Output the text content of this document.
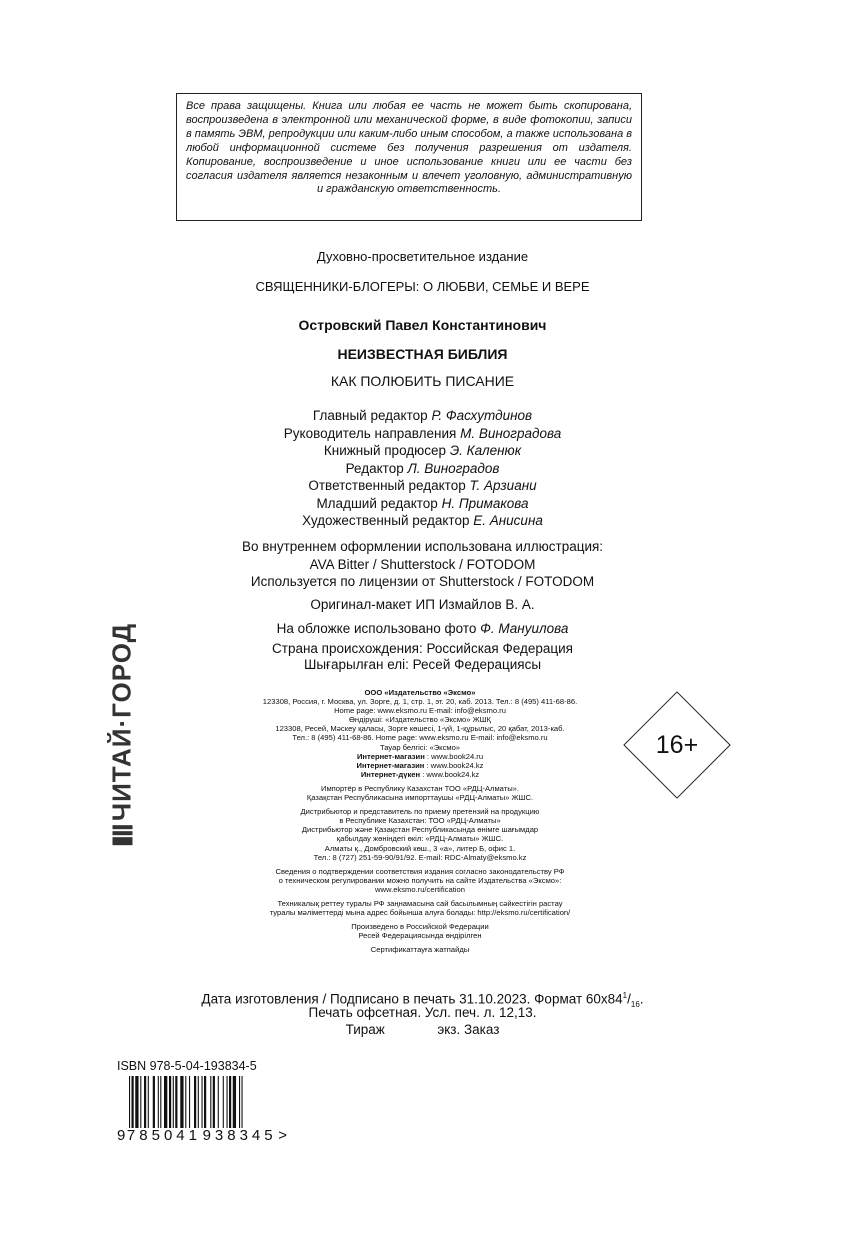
Все права защищены. Книга или любая ее часть не может быть скопирована, воспроизведена в электронной или механической форме, в виде фотокопии, записи в память ЭВМ, репродукции или каким-либо иным способом, а также использована в любой информационной системе без получения разрешения от издателя. Копирование, воспроизведение и иное использование книги или ее части без согласия издателя является незаконным и влечет уголовную, административную и гражданскую ответственность.

Духовно-просветительное издание
СВЯЩЕННИКИ-БЛОГЕРЫ: О ЛЮБВИ, СЕМЬЕ И ВЕРЕ
Островский Павел Константинович
НЕИЗВЕСТНАЯ БИБЛИЯ
КАК ПОЛЮБИТЬ ПИСАНИЕ
Главный редактор Р. Фасхутдинов
Руководитель направления М. Виноградова
Книжный продюсер Э. Каленюк
Редактор Л. Виноградов
Ответственный редактор Т. Арзиани
Младший редактор Н. Примакова
Художественный редактор Е. Анисина
Во внутреннем оформлении использована иллюстрация:
AVA Bitter / Shutterstock / FOTODOM
Используется по лицензии от Shutterstock / FOTODOM
Оригинал-макет ИП Измайлов В. А.
На обложке использовано фото Ф. Мануилова
Страна происхождения: Российская Федерация
Шығарылған елі: Ресей Федерациясы
ЧИТАЙ·ГОРОД	ООО «Издательство «Эксмо»
123308, Россия, г. Москва, ул. Зорге, д. 1, стр. 1, эт. 20, каб. 2013. Тел.: 8 (495) 411-68-86.
Home page: www.eksmo.ru E-mail: info@eksmo.ru
Өндіруші: «Издательство «Эксмо» ЖШҚ
123308, Ресей, Мәскеу қаласы, Зорге көшесі, 1-үй, 1-құрылыс, 20 қабат, 2013-каб.
Тел.: 8 (495) 411-68-86. Home page: www.eksmo.ru E-mail: info@eksmo.ru
Тауар белгісі: «Эксмо»
Интернет-магазин : www.book24.ru
Интернет-магазин : www.book24.kz
Интернет-дүкен : www.book24.kz
Импортёр в Республику Казахстан ТОО «РДЦ-Алматы».
Қазақстан Республикасына импорттаушы «РДЦ-Алматы» ЖШС.
Дистрибьютор и представитель по приему претензий на продукцию
в Республике Казахстан: ТОО «РДЦ-Алматы»
Дистрибьютор және Қазақстан Республикасында өнімге шағымдар
қабылдау жөніндегі өкіл: «РДЦ-Алматы» ЖШС.
Алматы қ., Домбровский көш., 3 «а», литер Б, офис 1.
Тел.: 8 (727) 251-59-90/91/92. E-mail: RDC-Almaty@eksmo.kz
Сведения о подтверждении соответствия издания согласно законодательству РФ
о техническом регулировании можно получить на сайте Издательства «Эксмо»:
www.eksmo.ru/certification
Техникалық реттеу туралы РФ заңнамасына сай басылымның сәйкестігін растау
туралы мәліметтерді мына адрес бойынша алуға болады: http://eksmo.ru/certification/
Произведено в Российской Федерации
Ресей Федерациясында өндірілген
Сертификаттауға жатпайды
16+
Дата изготовления / Подписано в печать 31.10.2023. Формат $60x84^1/_{16}$.
Печать офсетная. Усл. печ. л. 12,13.
Тираж              экз. Заказ
ISBN 978-5-04-193834-5
9 785041 938345 >
